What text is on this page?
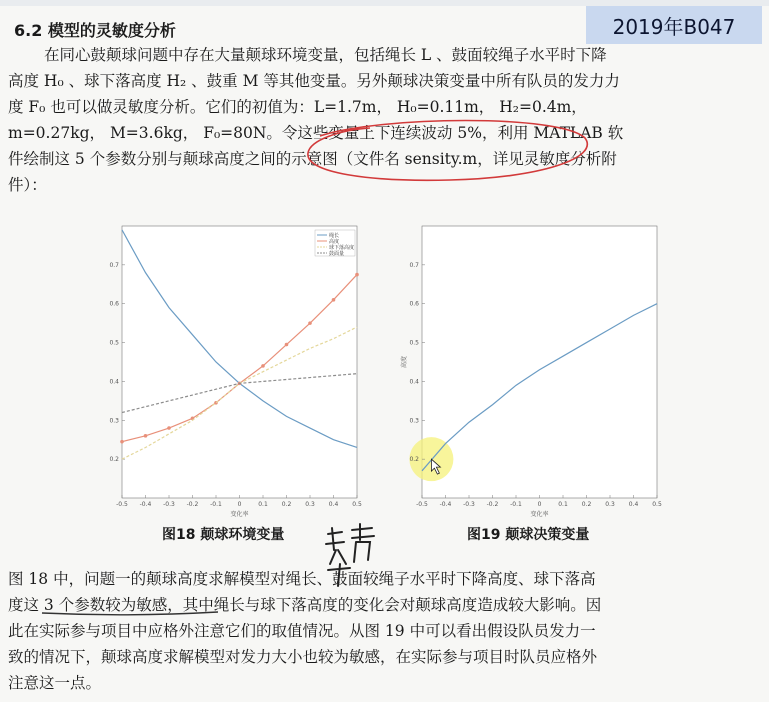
2019年B047
6.2 模型的灵敏度分析

在同心鼓颠球问题中存在大量颠球环境变量，包括绳长 L 、鼓面较绳子水平时下降

高度 H₀ 、球下落高度 H₂ 、鼓重 M 等其他变量。另外颠球决策变量中所有队员的发力力

度 F₀ 也可以做灵敏度分析。它们的初值为：L=1.7m， H₀=0.11m， H₂=0.4m，

m=0.27kg， M=3.6kg， F₀=80N。令这些变量上下连续波动 5%，利用 MATLAB 软

件绘制这 5 个参数分别与颠球高度之间的示意图（文件名 sensity.m，详见灵敏度分析附

件）：

-0.5 -0.4 -0.3 -0.2 -0.1	0	0.1 0.2 0.3 0.4 0.5
0.2
0.3
0.4
0.5
0.6
0.7
变化率
绳长
高度
球下落高度
鼓面量
-0.5 -0.4 -0.3 -0.2 -0.1	0	0.1 0.2 0.3 0.4 0.5
0.2
0.3
0.4
0.5
0.6
0.7
变化率
高度
图18 颠球环境变量	图19 颠球决策变量

图 18 中，问题一的颠球高度求解模型对绳长、鼓面较绳子水平时下降高度、球下落高

度这 3 个参数较为敏感，其中绳长与球下落高度的变化会对颠球高度造成较大影响。因

此在实际参与项目中应格外注意它们的取值情况。从图 19 中可以看出假设队员发力一

致的情况下，颠球高度求解模型对发力大小也较为敏感，在实际参与项目时队员应格外

注意这一点。
